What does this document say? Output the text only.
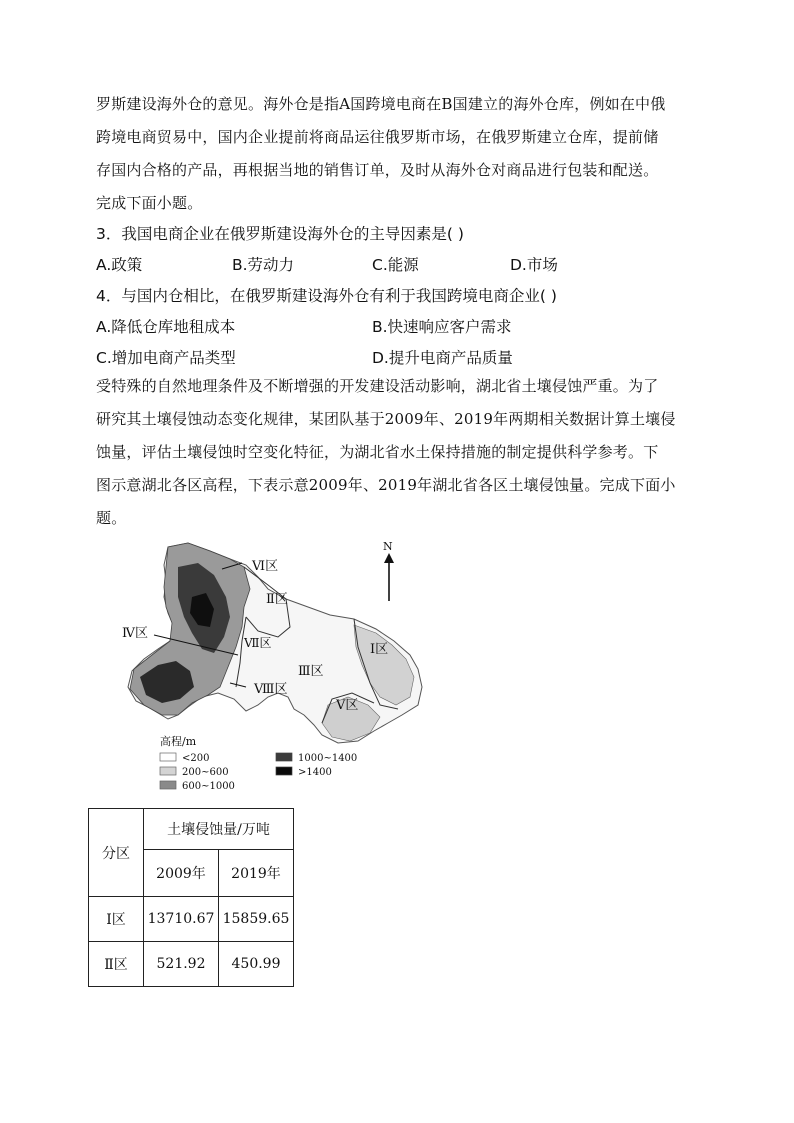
罗斯建设海外仓的意见。海外仓是指A国跨境电商在B国建立的海外仓库，例如在中俄
跨境电商贸易中，国内企业提前将商品运往俄罗斯市场，在俄罗斯建立仓库，提前储
存国内合格的产品，再根据当地的销售订单，及时从海外仓对商品进行包装和配送。
完成下面小题。
3．我国电商企业在俄罗斯建设海外仓的主导因素是( )
A.政策	B.劳动力	C.能源	D.市场
4．与国内仓相比，在俄罗斯建设海外仓有利于我国跨境电商企业( )
A.降低仓库地租成本	B.快速响应客户需求
C.增加电商产品类型	D.提升电商产品质量
受特殊的自然地理条件及不断增强的开发建设活动影响，湖北省土壤侵蚀严重。为了
研究其土壤侵蚀动态变化规律，某团队基于2009年、2019年两期相关数据计算土壤侵
蚀量，评估土壤侵蚀时空变化特征，为湖北省水土保持措施的制定提供科学参考。下
图示意湖北各区高程，下表示意2009年、2019年湖北省各区土壤侵蚀量。完成下面小
题。
N
Ⅵ区
Ⅱ区
Ⅳ区
Ⅶ区	Ⅰ区
Ⅲ区
Ⅷ区
Ⅴ区
高程/m
<200
200~600
600~1000
1000~1400
>1400
分区	土壤侵蚀量/万吨	
	2009年	2019年
Ⅰ区	13710.67	15859.65
Ⅱ区	521.92	450.99
